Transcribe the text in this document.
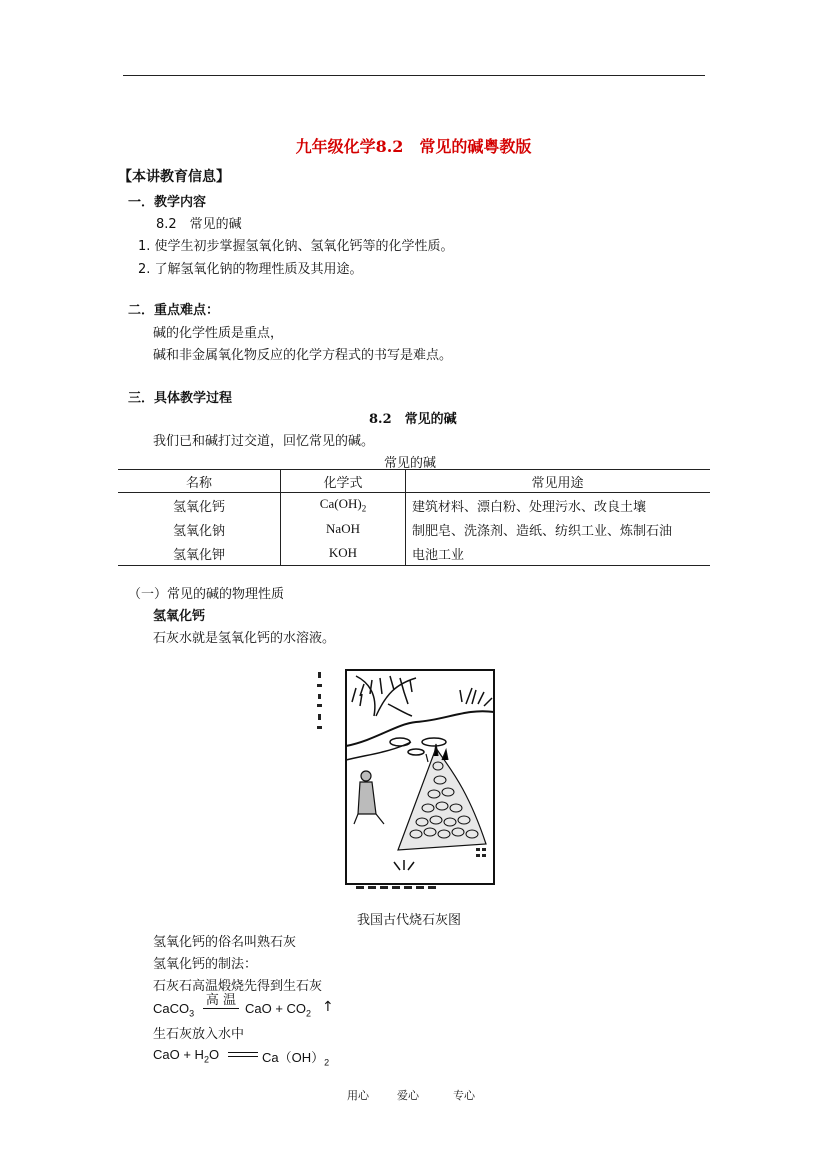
九年级化学8.2　常见的碱粤教版
【本讲教育信息】
一．教学内容
8.2　常见的碱
1. 使学生初步掌握氢氧化钠、氢氧化钙等的化学性质。
2. 了解氢氧化钠的物理性质及其用途。
二．重点难点：
碱的化学性质是重点，
碱和非金属氧化物反应的化学方程式的书写是难点。
三．具体教学过程
8.2　常见的碱
我们已和碱打过交道，回忆常见的碱。
常见的碱
名称	化学式	常见用途
氢氧化钙	$Ca(OH)_2$	建筑材料、漂白粉、处理污水、改良土壤
氢氧化钠	NaOH	制肥皂、洗涤剂、造纸、纺织工业、炼制石油
氢氧化钾	KOH	电池工业
（一）常见的碱的物理性质
氢氧化钙
石灰水就是氢氧化钙的水溶液。
我国古代烧石灰图
氢氧化钙的俗名叫熟石灰
氢氧化钙的制法：
石灰石高温煅烧先得到生石灰
CaCO$_3$
高 温
CaO + $CO_2$ ↑
生石灰放入水中
CaO + $H_2O$	$Ca(OH)_2$
用心	爱心	专心
